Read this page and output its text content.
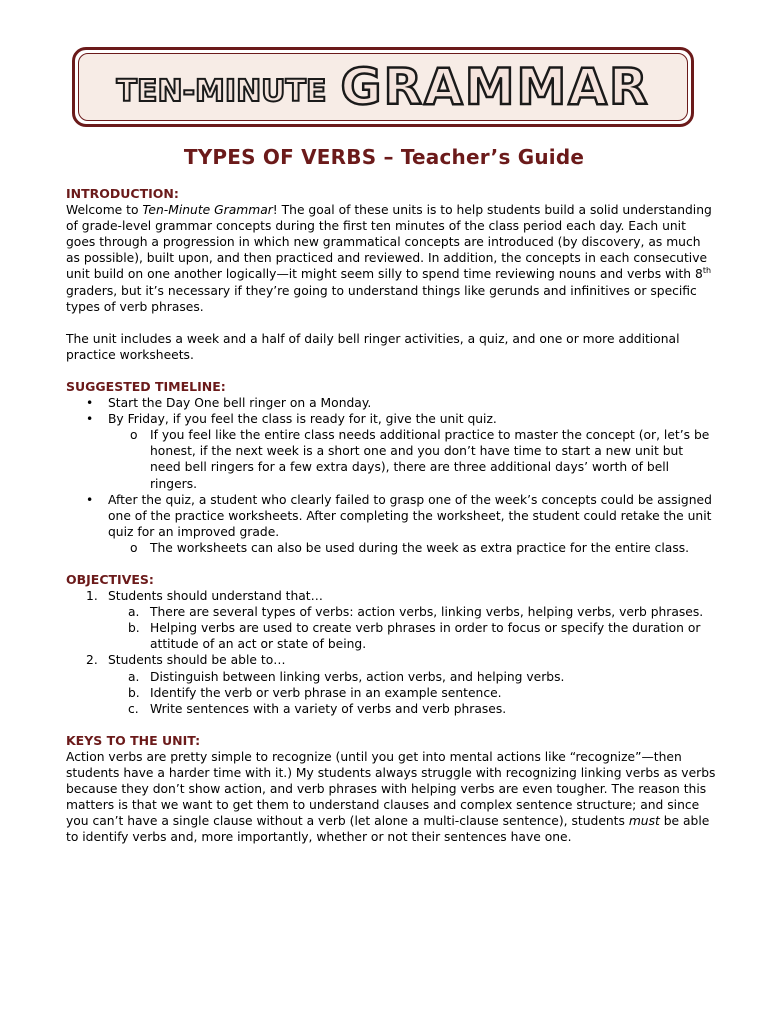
TEN-MINUTE GRAMMAR
TYPES OF VERBS – Teacher’s Guide

INTRODUCTION:

Welcome to Ten-Minute Grammar! The goal of these units is to help students build a solid understanding of grade-level grammar concepts during the first ten minutes of the class period each day. Each unit goes through a progression in which new grammatical concepts are introduced (by discovery, as much as possible), built upon, and then practiced and reviewed. In addition, the concepts in each consecutive unit build on one another logically—it might seem silly to spend time reviewing nouns and verbs with 8th graders, but it’s necessary if they’re going to understand things like gerunds and infinitives or specific types of verb phrases.

The unit includes a week and a half of daily bell ringer activities, a quiz, and one or more additional practice worksheets.

SUGGESTED TIMELINE:

• Start the Day One bell ringer on a Monday.
• By Friday, if you feel the class is ready for it, give the unit quiz.
o If you feel like the entire class needs additional practice to master the concept (or, let’s be honest, if the next week is a short one and you don’t have time to start a new unit but need bell ringers for a few extra days), there are three additional days’ worth of bell ringers.
• After the quiz, a student who clearly failed to grasp one of the week’s concepts could be assigned one of the practice worksheets. After completing the worksheet, the student could retake the unit quiz for an improved grade.
o The worksheets can also be used during the week as extra practice for the entire class.

OBJECTIVES:

1. Students should understand that…
a. There are several types of verbs: action verbs, linking verbs, helping verbs, verb phrases.
b. Helping verbs are used to create verb phrases in order to focus or specify the duration or attitude of an act or state of being.
2. Students should be able to…
a. Distinguish between linking verbs, action verbs, and helping verbs.
b. Identify the verb or verb phrase in an example sentence.
c. Write sentences with a variety of verbs and verb phrases.

KEYS TO THE UNIT:

Action verbs are pretty simple to recognize (until you get into mental actions like “recognize”—then students have a harder time with it.) My students always struggle with recognizing linking verbs as verbs because they don’t show action, and verb phrases with helping verbs are even tougher. The reason this matters is that we want to get them to understand clauses and complex sentence structure; and since you can’t have a single clause without a verb (let alone a multi-clause sentence), students must be able to identify verbs and, more importantly, whether or not their sentences have one.
